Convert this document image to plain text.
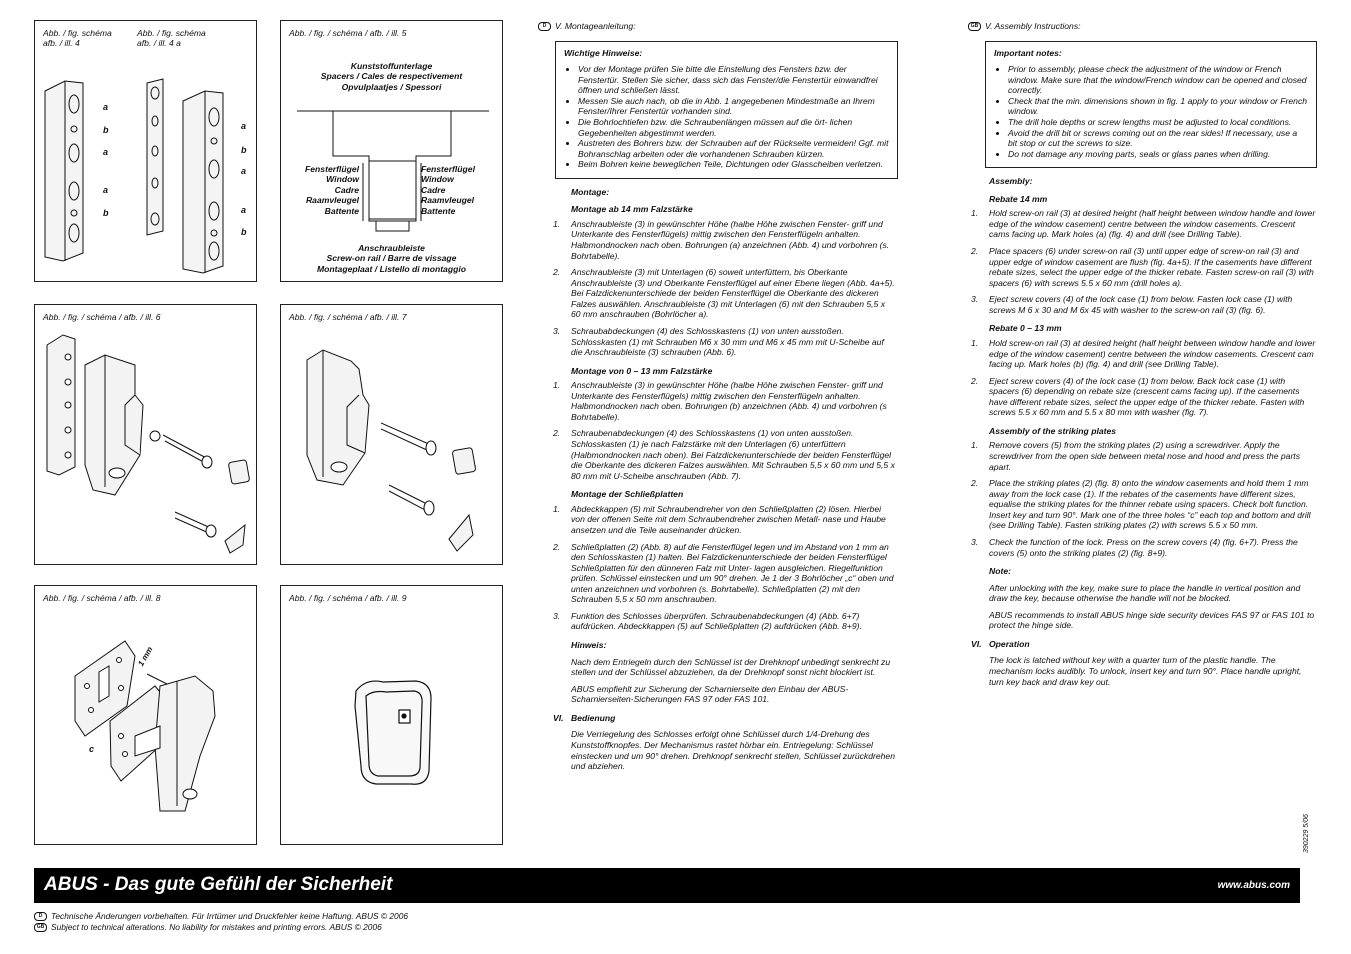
Abb. / fig. schéma afb. / ill. 4
Abb. / fig. schéma afb. / ill. 4 a
a
b
a
a
b
a
b
a
a
b
Abb. / fig. / schéma / afb. / ill. 5
Kunststoffunterlage
Spacers / Cales de respectivement
Opvulplaatjes / Spessori
Fensterflügel
Window
Cadre
Raamvleugel
Battente
Fensterflügel
Window
Cadre
Raamvleugel
Battente
Anschraubleiste
Screw-on rail / Barre de vissage
Montageplaat / Listello di montaggio
Abb. / fig. / schéma / afb. / ill. 6	Abb. / fig. / schéma / afb. / ill. 7
Abb. / fig. / schéma / afb. / ill. 8
1 mm
c
Abb. / fig. / schéma / afb. / ill. 9

D V. Montageanleitung:

Wichtige Hinweise:

• Vor der Montage prüfen Sie bitte die Einstellung des Fensters bzw. der Fenstertür. Stellen Sie sicher, dass sich das Fenster/die Fenstertür einwandfrei öffnen und schließen lässt.
• Messen Sie auch nach, ob die in Abb. 1 angegebenen Mindestmaße an Ihrem Fenster/Ihrer Fenstertür vorhanden sind.
• Die Bohrlochtiefen bzw. die Schraubenlängen müssen auf die ört- lichen Gegebenheiten abgestimmt werden.
• Austreten des Bohrers bzw. der Schrauben auf der Rückseite vermeiden! Ggf. mit Bohranschlag arbeiten oder die vorhandenen Schrauben kürzen.
• Beim Bohren keine beweglichen Teile, Dichtungen oder Glasscheiben verletzen.

Montage:

Montage ab 14 mm Falzstärke

1. Anschraubleiste (3) in gewünschter Höhe (halbe Höhe zwischen Fenster- griff und Unterkante des Fensterflügels) mittig zwischen den Fensterflügeln anhalten. Halbmondnocken nach oben. Bohrungen (a) anzeichnen (Abb. 4) und vorbohren (s. Bohrtabelle).
2. Anschraubleiste (3) mit Unterlagen (6) soweit unterfüttern, bis Oberkante Anschraubleiste (3) und Oberkante Fensterflügel auf einer Ebene liegen (Abb. 4a+5). Bei Falzdickenunterschiede der beiden Fensterflügel die Oberkante des dickeren Falzes auswählen. Anschraubleiste (3) mit Unterlagen (6) mit den Schrauben 5,5 x 60 mm anschrauben (Bohrlöcher a).
3. Schraubabdeckungen (4) des Schlosskastens (1) von unten ausstoßen. Schlosskasten (1) mit Schrauben M6 x 30 mm und M6 x 45 mm mit U-Scheibe auf die Anschraubleiste (3) schrauben (Abb. 6).

Montage von 0 – 13 mm Falzstärke

1. Anschraubleiste (3) in gewünschter Höhe (halbe Höhe zwischen Fenster- griff und Unterkante des Fensterflügels) mittig zwischen den Fensterflügeln anhalten. Halbmondnocken nach oben. Bohrungen (b) anzeichnen (Abb. 4) und vorbohren (s Bohrtabelle).
2. Schraubenabdeckungen (4) des Schlosskastens (1) von unten ausstoßen. Schlosskasten (1) je nach Falzstärke mit den Unterlagen (6) unterfüttern (Halbmondnocken nach oben). Bei Falzdickenunterschiede der beiden Fensterflügel die Oberkante des dickeren Falzes auswählen. Mit Schrauben 5,5 x 60 mm und 5,5 x 80 mm mit U-Scheibe anschrauben (Abb. 7).

Montage der Schließplatten

1. Abdeckkappen (5) mit Schraubendreher von den Schließplatten (2) lösen. Hierbei von der offenen Seite mit dem Schraubendreher zwischen Metall- nase und Haube ansetzen und die Teile auseinander drücken.
2. Schließplatten (2) (Abb. 8) auf die Fensterflügel legen und im Abstand von 1 mm an den Schlosskasten (1) halten. Bei Falzdickenunterschiede der beiden Fensterflügel Schließplatten für den dünneren Falz mit Unter- lagen ausgleichen. Riegelfunktion prüfen. Schlüssel einstecken und um 90° drehen. Je 1 der 3 Bohrlöcher „c“ oben und unten anzeichnen und vorbohren (s. Bohrtabelle). Schließplatten (2) mit den Schrauben 5,5 x 50 mm anschrauben.
3. Funktion des Schlosses überprüfen. Schraubenabdeckungen (4) (Abb. 6+7) aufdrücken. Abdeckkappen (5) auf Schließplatten (2) aufdrücken (Abb. 8+9).

Hinweis:

Nach dem Entriegeln durch den Schlüssel ist der Drehknopf unbedingt senkrecht zu stellen und der Schlüssel abzuziehen, da der Drehknopf sonst nicht blockiert ist.

ABUS empfiehlt zur Sicherung der Scharnierseite den Einbau der ABUS-Scharnierseiten-Sicherungen FAS 97 oder FAS 101.

VI. Bedienung

Die Verriegelung des Schlosses erfolgt ohne Schlüssel durch 1/4-Drehung des Kunststoffknopfes. Der Mechanismus rastet hörbar ein. Entriegelung: Schlüssel einstecken und um 90° drehen. Drehknopf senkrecht stellen, Schlüssel zurückdrehen und abziehen.

GB V. Assembly Instructions:

Important notes:

• Prior to assembly, please check the adjustment of the window or French window. Make sure that the window/French window can be opened and closed correctly.
• Check that the min. dimensions shown in fig. 1 apply to your window or French window.
• The drill hole depths or screw lengths must be adjusted to local conditions.
• Avoid the drill bit or screws coming out on the rear sides! If necessary, use a bit stop or cut the screws to size.
• Do not damage any moving parts, seals or glass panes when drilling.

Assembly:

Rebate 14 mm

1. Hold screw-on rail (3) at desired height (half height between window handle and lower edge of the window casement) centre between the window casements. Crescent cams facing up. Mark holes (a) (fig. 4) and drill (see Drilling Table).
2. Place spacers (6) under screw-on rail (3) until upper edge of screw-on rail (3) and upper edge of window casement are flush (fig. 4a+5). If the casements have different rebate sizes, select the upper edge of the thicker rebate. Fasten screw-on rail (3) with spacers (6) with screws 5.5 x 60 mm (drill holes a).
3. Eject screw covers (4) of the lock case (1) from below. Fasten lock case (1) with screws M 6 x 30 and M 6x 45 with washer to the screw-on rail (3) (fig. 6).

Rebate 0 – 13 mm

1. Hold screw-on rail (3) at desired height (half height between window handle and lower edge of the window casement) centre between the window casements. Crescent cam facing up. Mark holes (b) (fig. 4) and drill (see Drilling Table).
2. Eject screw covers (4) of the lock case (1) from below. Back lock case (1) with spacers (6) depending on rebate size (crescent cams facing up). If the casements have different rebate sizes, select the upper edge of the thicker rebate. Fasten with screws 5.5 x 60 mm and 5.5 x 80 mm with washer (fig. 7).

Assembly of the striking plates

1. Remove covers (5) from the striking plates (2) using a screwdriver. Apply the screwdriver from the open side between metal nose and hood and press the parts apart.
2. Place the striking plates (2) (fig. 8) onto the window casements and hold them 1 mm away from the lock case (1). If the rebates of the casements have different sizes, equalise the striking plates for the thinner rebate using spacers. Check bolt function. Insert key and turn 90°. Mark one of the three holes “c” each top and bottom and drill (see Drilling Table). Fasten striking plates (2) with screws 5.5 x 50 mm.
3. Check the function of the lock. Press on the screw covers (4) (fig. 6+7). Press the covers (5) onto the striking plates (2) (fig. 8+9).

Note:

After unlocking with the key, make sure to place the handle in vertical position and draw the key, because otherwise the handle will not be blocked.

ABUS recommends to install ABUS hinge side security devices FAS 97 or FAS 101 to protect the hinge side.

VI. Operation

The lock is latched without key with a quarter turn of the plastic handle. The mechanism locks audibly. To unlock, insert key and turn 90°. Place handle upright, turn key back and draw key out.

ABUS - Das gute Gefühl der Sicherheit	www.abus.com
390229 5/06
D Technische Änderungen vorbehalten. Für Irrtümer und Druckfehler keine Haftung. ABUS © 2006
GB Subject to technical alterations. No liability for mistakes and printing errors. ABUS © 2006
